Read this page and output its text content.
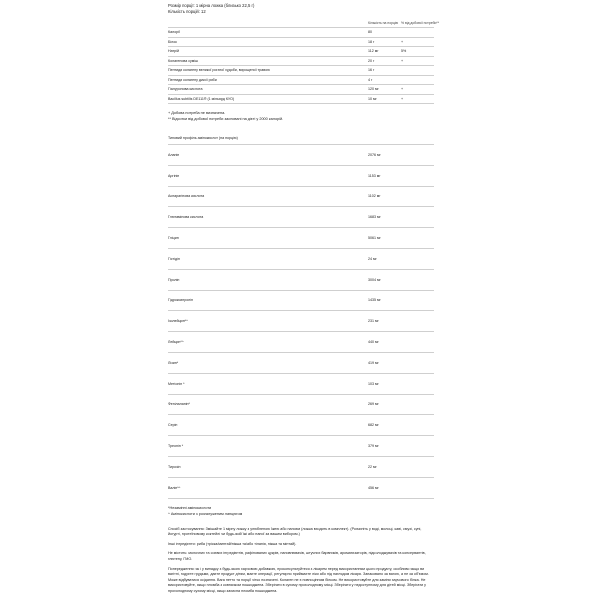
Розмір порції: 1 мірна ложка (близько 22,5 г)
Кількість порцій: 12
Кількість на порцію % від добової потреби**
Калорії	80
Білок	18 г	+
Натрій	112 мг	5%
Колагенова суміш	20 г	+
Пептиди колагену великої рогатої худоби, вирощеної травою	16 г
Пептиди колагену дикої риби	4 г
Гіалуронова кислота	120 мг	+
Bacillus subtilis DE111® (1 мільярд КУО)	10 мг	+
+ Добова потреба не визначена.
** Відсотки від добової потреби засновані на дієті у 2000 калорій.
Типовий профіль амінокислот (на порцію)
Аланін	2076 мг
Аргінін	1153 мг
Аспарагінова кислота	1102 мг
Глютамінова кислота	1683 мг
Гліцин	5061 мг
Гістідін	24 мг
Пролін	3004 мг
Гідроксипролін	1435 мг
Ізолейцин*^	231 мг
Лейцин*^	440 мг
Лізин*	419 мг
Метіонін *	103 мг
Фенілаланін*	269 мг
Серін	682 мг
Треонін *	379 мг
Тирозін	22 мг
Валін*^	456 мг
*Незамінні амінокислоти
^ Амінокислоти з розгалуженим ланцюгом
Спосіб застосування: Змішайте 1 мірну ложку з улюбленою їжею або напоєм (ложка входить в комплект). (Розчиніть у воді, молоці, каві, смузі, супі, йогурті, протеїновому коктейлі чи будь-якій їжі або напої за вашим вибором.)
Інші інгредієнти: риба (тріска/минтай/пікша та/або тілапія, пікша та мінтай).
Не містить: молочних та соєвих інгредієнтів, рафінованих цукрів, наповнювачів, штучних барвників, ароматизаторів, підсолоджувачів та консервантів, глютену, ГМО.
Попередження: як і у випадку з будь-якою харчовою добавкою, проконсультуйтеся з лікарем перед використанням цього продукту, особливо якщо ви вагітні, годуєте грудьми, даєте продукт дітям, маєте операції, регулярно приймаєте ліки або під наглядом лікаря. Запаковано за вагою, а не за об'ємом. Може відбуватися осідання. Вага нетто та порції чітко позначені. Колаген не є повноцінним білком. Не використовуйте для заміни харчового білка. Не використовуйте, якщо пломба з ковпачком пошкоджена. Зберігати в сухому прохолодному місці. Зберігати у недоступному для дітей місці. Зберігати у прохолодному сухому місці, якщо захисна пломба пошкоджена.
